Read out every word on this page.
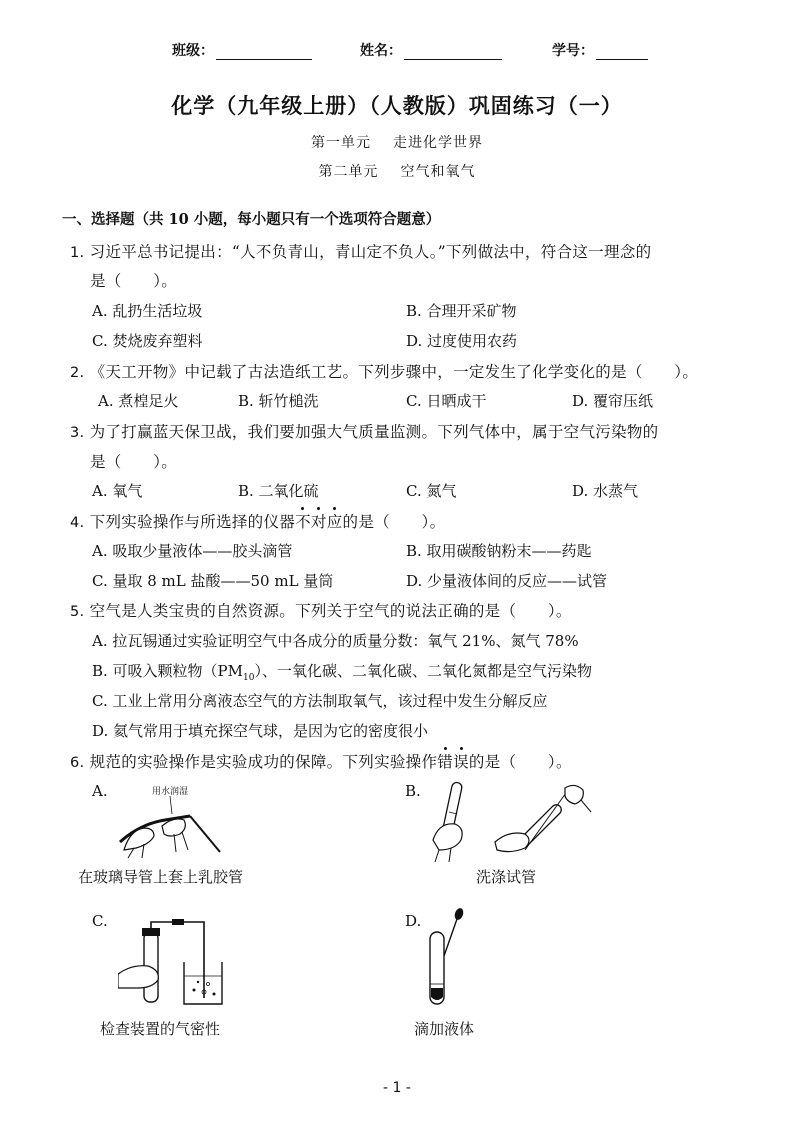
班级：	姓名：	学号：
化学（九年级上册）（人教版）巩固练习（一）
第一单元 走进化学世界
第二单元 空气和氧气
一、选择题（共 10 小题，每小题只有一个选项符合题意）
1. 习近平总书记提出：“人不负青山，青山定不负人。”下列做法中，符合这一理念的
是（　　）。
A. 乱扔生活垃圾	B. 合理开采矿物
C. 焚烧废弃塑料	D. 过度使用农药
2. 《天工开物》中记载了古法造纸工艺。下列步骤中，一定发生了化学变化的是（　　）。
A. 煮楻足火	B. 斩竹槌洗	C. 日晒成干	D. 覆帘压纸
3. 为了打赢蓝天保卫战，我们要加强大气质量监测。下列气体中，属于空气污染物的
是（　　）。
A. 氧气	B. 二氧化硫	C. 氮气	D. 水蒸气
4. 下列实验操作与所选择的仪器不对应的是（　　）。
A. 吸取少量液体——胶头滴管	B. 取用碳酸钠粉末——药匙
C. 量取 8 mL 盐酸——50 mL 量筒	D. 少量液体间的反应——试管
5. 空气是人类宝贵的自然资源。下列关于空气的说法正确的是（　　）。
A. 拉瓦锡通过实验证明空气中各成分的质量分数：氧气 21%、氮气 78%
B. 可吸入颗粒物$(PM_{10})$、一氧化碳、二氧化碳、二氧化氮都是空气污染物
C. 工业上常用分离液态空气的方法制取氧气，该过程中发生分解反应
D. 氦气常用于填充探空气球，是因为它的密度很小
6. 规范的实验操作是实验成功的保障。下列实验操作错误的是（　　）。
A.	用水润湿
在玻璃导管上套上乳胶管
B.
洗涤试管
C.
检查装置的气密性
D.
滴加液体
- 1 -
